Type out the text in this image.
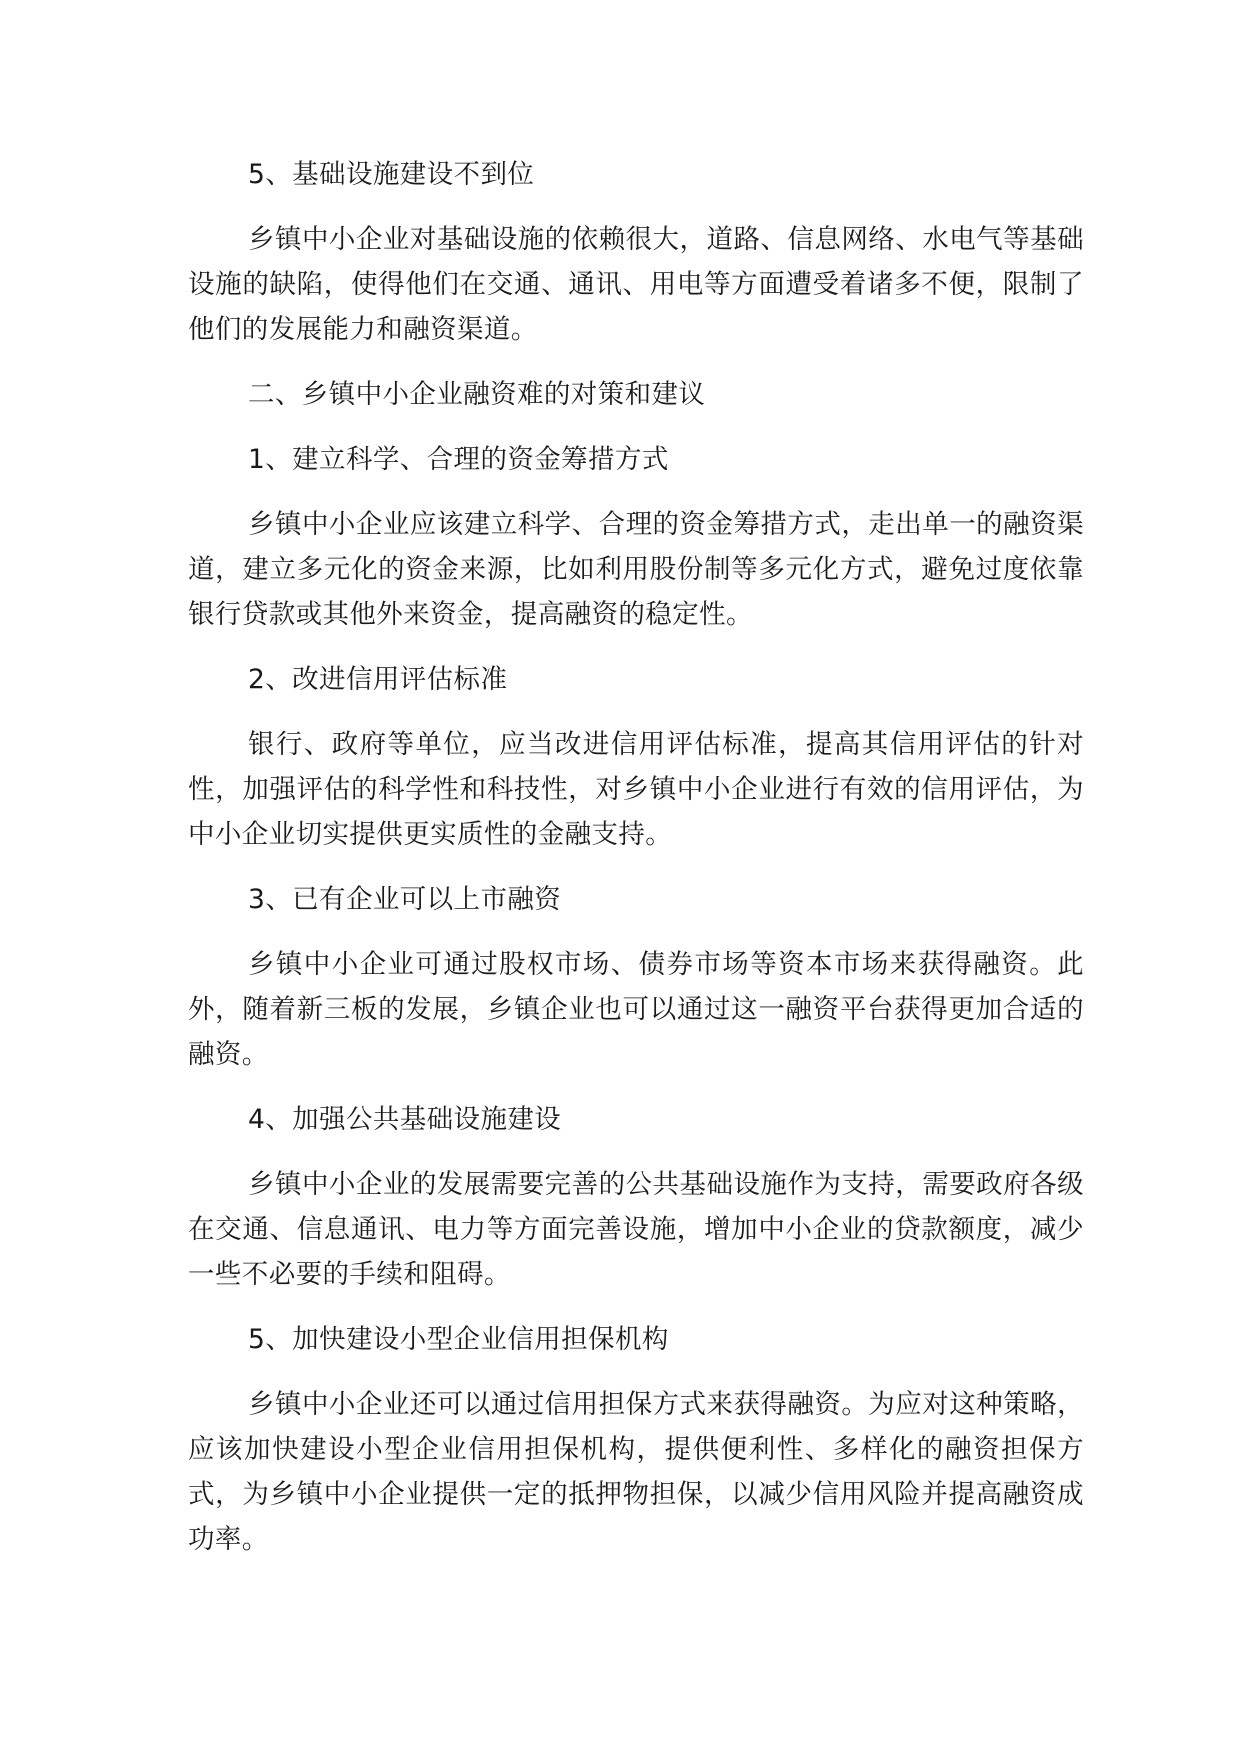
5、基础设施建设不到位

乡镇中小企业对基础设施的依赖很大，道路、信息网络、水电气等基础设施的缺陷，使得他们在交通、通讯、用电等方面遭受着诸多不便，限制了他们的发展能力和融资渠道。

二、乡镇中小企业融资难的对策和建议

1、建立科学、合理的资金筹措方式

乡镇中小企业应该建立科学、合理的资金筹措方式，走出单一的融资渠道，建立多元化的资金来源，比如利用股份制等多元化方式，避免过度依靠银行贷款或其他外来资金，提高融资的稳定性。

2、改进信用评估标准

银行、政府等单位，应当改进信用评估标准，提高其信用评估的针对性，加强评估的科学性和科技性，对乡镇中小企业进行有效的信用评估，为中小企业切实提供更实质性的金融支持。

3、已有企业可以上市融资

乡镇中小企业可通过股权市场、债券市场等资本市场来获得融资。此外，随着新三板的发展，乡镇企业也可以通过这一融资平台获得更加合适的融资。

4、加强公共基础设施建设

乡镇中小企业的发展需要完善的公共基础设施作为支持，需要政府各级在交通、信息通讯、电力等方面完善设施，增加中小企业的贷款额度，减少一些不必要的手续和阻碍。

5、加快建设小型企业信用担保机构

乡镇中小企业还可以通过信用担保方式来获得融资。为应对这种策略，应该加快建设小型企业信用担保机构，提供便利性、多样化的融资担保方式，为乡镇中小企业提供一定的抵押物担保，以减少信用风险并提高融资成功率。
